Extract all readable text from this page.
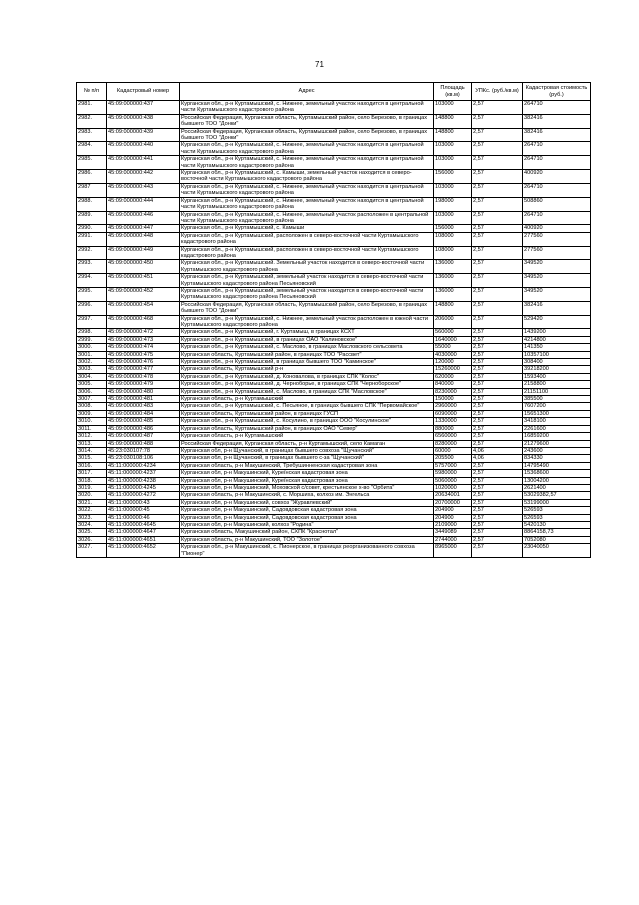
71
№ п/п	Кадастровый номер	Адрес	Площадь (кв.м)	УПКс. (руб./кв.м)	Кадастровая стоимость (руб.)
2981.	45:09:000000:437	Курганская обл., р-н Куртамышский, с. Нижнее, земельный участок находится в центральной части Куртамышского кадастрового района	103000	2,57	264710
2982.	45:09:000000:438	Российская Федерация, Курганская область, Куртамышский район, село Березово, в границах бывшего ТОО "Донки"	148800	2,57	382416
2983.	45:09:000000:439	Российская Федерация, Курганская область, Куртамышский район, село Березово, в границах бывшего ТОО "Донки"	148800	2,57	382416
2984.	45:09:000000:440	Курганская обл., р-н Куртамышский, с. Нижнее, земельный участок находится в центральной части Куртамышского кадастрового района	103000	2,57	264710
2985.	45:09:000000:441	Курганская обл., р-н Куртамышский, с. Нижнее, земельный участок находится в центральной части Куртамышского кадастрового района	103000	2,57	264710
2986.	45:09:000000:442	Курганская обл., р-н Куртамышский, с. Камыши, земельный участок находится в северо-восточной части Куртамышского кадастрового района	156000	2,57	400920
2987	45:09:000000:443	Курганская обл., р-н Куртамышский, с. Нижнее, земельный участок находится в центральной части Куртамышского кадастрового района	103000	2,57	264710
2988.	45:09:000000:444	Курганская обл., р-н Куртамышский, с. Нижнее, земельный участок находится в центральной части Куртамышского кадастрового района	198000	2,57	508860
2989.	45:09:000000:446	Курганская обл., р-н Куртамышский, с. Нижнее, земельный участок расположен в центральной части Куртамышского кадастрового района	103000	2,57	264710
2990.	45:09:000000:447	Курганская обл., р-н Куртамышский, с. Камыши	156000	2,57	400920
2991.	45:09:000000:448	Курганская обл., р-н Куртамышский, расположен в северо-восточной части Куртамышского кадастрового района	108000	2,57	277560
2992.	45:09:000000:449	Курганская обл., р-н Куртамышский, расположен в северо-восточной части Куртамышского кадастрового района	108000	2,57	277560
2993.	45:09:000000:450	Курганская обл., р-н Куртамышский. Земельный участок находится в северо-восточной части Куртамышского кадастрового района	136000	2,57	349520
2994.	45:09:000000:451	Курганская обл., р-н Куртамышский, земельный участок находится в северо-восточной части Куртамышского кадастрового района Песьяновский	136000	2,57	349520
2995.	45:09:000000:452	Курганская обл., р-н Куртамышский, земельный участок находится в северо-восточной части Куртамышского кадастрового района Песьяновский	136000	2,57	349520
2996.	45:09:000000:454	Российская Федерация, Курганская область, Куртамышский район, село Березово, в границах бывшего ТОО "Донки"	148800	2,57	382416
2997.	45:09:000000:468	Курганская обл., р-н Куртамышский, с. Нижнее, земельный участок расположен в южной части Куртамышского кадастрового района	206000	2,57	529420
2998.	45:09:000000:472	Курганская обл., р-н Куртамышский, г. Куртамыш, в границах КСХТ	560000	2,57	1439200
2999.	45:09:000000:473	Курганская обл., р-н Куртамышский, в границах ОАО "Калиновское"	1640000	2,57	4214800
3000.	45:09:000000:474	Курганская обл., р-н Куртамышский, с. Маслово, в границах Масловского сельсовета	55000	2,57	141350
3001.	45:09:000000:475	Курганская область, Куртамышский район, в границах ТОО "Рассвет"	4030000	2,57	10357100
3002.	45:09:000000:476	Курганская обл., р-н Куртамышский, в границах бывшего ТОО "Каминское"	120000	2,57	308400
3003.	45:09:000000:477	Курганская область, Куртамышский р-н	15260000	2,57	39218200
3004.	45:09:000000:478	Курганская обл., р-н Куртамышский, д. Коновалова, в границах СПК "Колос"	620000	2,57	1593400
3005.	45:09:000000:479	Курганская обл., р-н Куртамышский, д. Черноборье, в границах СПК "Черноборское"	840000	2,57	2158800
3006.	45:09:000000:480	Курганская обл., р-н Куртамышский, с. Маслово, в границах СПК "Масловское"	8230000	2,57	21151100
3007.	45:09:000000:481	Курганская область, р-н Куртамышский	150000	2,57	385500
3008.	45:09:000000:483	Курганская обл., р-н Куртамышский, с. Песьяное, в границах бывшего СПК "Первомайское"	2960000	2,57	7607200
3009.	45:09:000000:484	Курганская область, Куртамышский район, в границах ГУСП	6090000	2,57	15651300
3010.	45:09:000000:485	Курганская обл., р-н Куртамышский, с. Косулино, в границах ООО "Косулинское"	1330000	2,57	3418100
3011.	45:09:000000:486	Курганская область, Куртамышский район, в границах ОАО "Север"	880000	2,57	2261600
3012.	45:09:000000:487	Курганская область, р-н Куртамышский	6560000	2,57	16859200
3013.	45:09:000000:488	Российская Федерация, Курганская область, р-н Куртамышский, село Камаган	8280000	2,57	21279600
3014.	45:23:030107:78	Курганская обл, р-н Щучанский, в границах бывшего совхоза "Щучанский"	60000	4,06	243600
3015.	45:23:030108:106	Курганская обл, р-н Щучанский, в границах бывшего с-за "Щучанский"	205500	4,06	834330
3016.	45:11:000000:4234	Курганская область, р-н Макушинский, Требушинненская кадастровая зона	5757000	2,57	14795490
3017.	45:11:000000:4237	Курганская обл, р-н Макушинский, Куреїнская кадастровая зона	5980000	2,57	15368600
3018.	45:11:000000:4238	Курганская обл, р-н Макушинский, Куреїнская кадастровая зона	5060000	2,57	13004200
3019.	45:11:000000:4245	Курганская обл, р-н Макушинский, Моховской с/совет, крестьянское х-во "Орбита"	1020000	2,57	2621400
3020.	45:11:000000:4272	Курганская область, р-н Макушинский, с. Моршиха, колхоз им. Энгельса	20634001	2,57	53029382,57
3021.	45:11:000000:43	Курганская обл, р-н Макушинский, совхоз "Журавлевский"	20700000	2,57	53199000
3022.	45:11:000000:45	Курганская обл, р-н Макушинский, Садовдовская кадастровая зона	204900	2,57	526593
3023.	45:11:000000:46	Курганская обл, р-н Макушинский, Садовдовская кадастровая зона	204900	2,57	526593
3024.	45:11:000000:4645	Курганская обл, р-н Макушинский, колхоз "Родина"	2109000	2,57	5420130
3025.	45:11:000000:4647	Курганская область, Макушинский район, СХПК "Краснотал"	3449089	2,57	8864158,73
3026.	45:11:000000:4651	Курганская область, р-н Макушинский, ТОО "Золотое"	2744000	2,57	7052080
3027.	45:11:000000:4652	Курганская обл., р-н Макушинский, с. Пионерское, в границах реорганизованного совхоза "Пионер"	8965000	2,57	23040050
